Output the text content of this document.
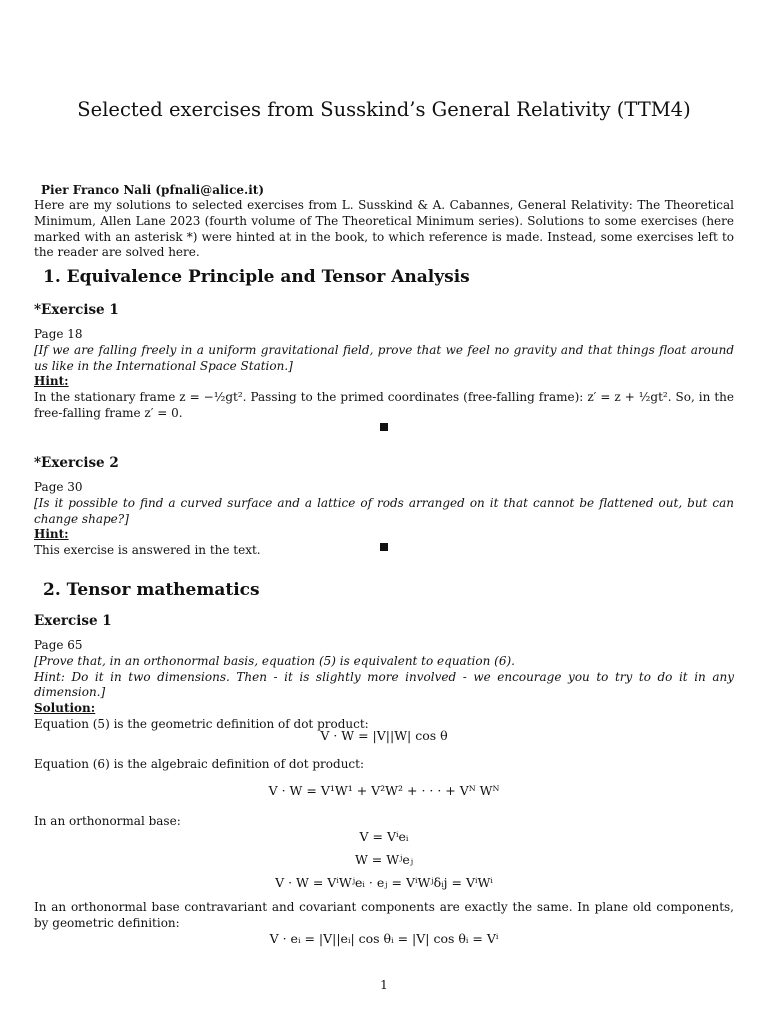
Selected exercises from Susskind’s General Relativity (TTM4)
Pier Franco Nali (pfnali@alice.it)
Here are my solutions to selected exercises from L. Susskind & A. Cabannes, General Relativity: The Theoretical Minimum, Allen Lane 2023 (fourth volume of The Theoretical Minimum series). Solutions to some exercises (here marked with an asterisk *) were hinted at in the book, to which reference is made. Instead, some exercises left to the reader are solved here.
1. Equivalence Principle and Tensor Analysis
*Exercise 1
Page 18
[If we are falling freely in a uniform gravitational field, prove that we feel no gravity and that things float around us like in the International Space Station.]
Hint:
In the stationary frame z = −½gt². Passing to the primed coordinates (free-falling frame): z′ = z + ½gt². So, in the free-falling frame z′ = 0.
*Exercise 2
Page 30
[Is it possible to find a curved surface and a lattice of rods arranged on it that cannot be flattened out, but can change shape?]
Hint:
This exercise is answered in the text.
2. Tensor mathematics
Exercise 1
Page 65
[Prove that, in an orthonormal basis, equation (5) is equivalent to equation (6).
Hint: Do it in two dimensions. Then - it is slightly more involved - we encourage you to try to do it in any dimension.]
Solution:
Equation (5) is the geometric definition of dot product:
V · W = |V||W| cos θ
Equation (6) is the algebraic definition of dot product:
V · W = V¹W¹ + V²W² + · · · + Vᴺ Wᴺ
In an orthonormal base:
V = Vⁱeᵢ
W = Wʲeⱼ
V · W = VⁱWʲeᵢ · eⱼ = VⁱWʲδᵢj = VⁱWⁱ
In an orthonormal base contravariant and covariant components are exactly the same. In plane old components, by geometric definition:
V · eᵢ = |V||eᵢ| cos θᵢ = |V| cos θᵢ = Vⁱ
1
